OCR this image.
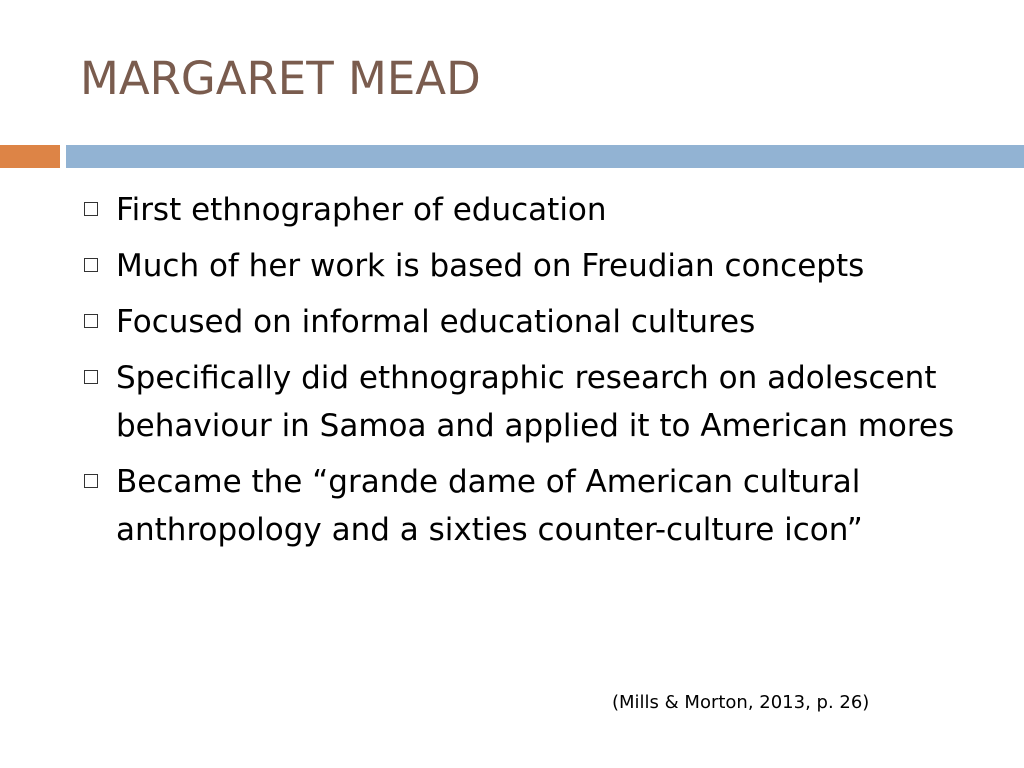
MARGARET MEAD
First ethnographer of education
Much of her work is based on Freudian concepts
Focused on informal educational cultures
Specifically did ethnographic research on adolescent behaviour in Samoa and applied it to American mores
Became the “grande dame of American cultural anthropology and a sixties counter-culture icon”
(Mills & Morton, 2013, p. 26)
